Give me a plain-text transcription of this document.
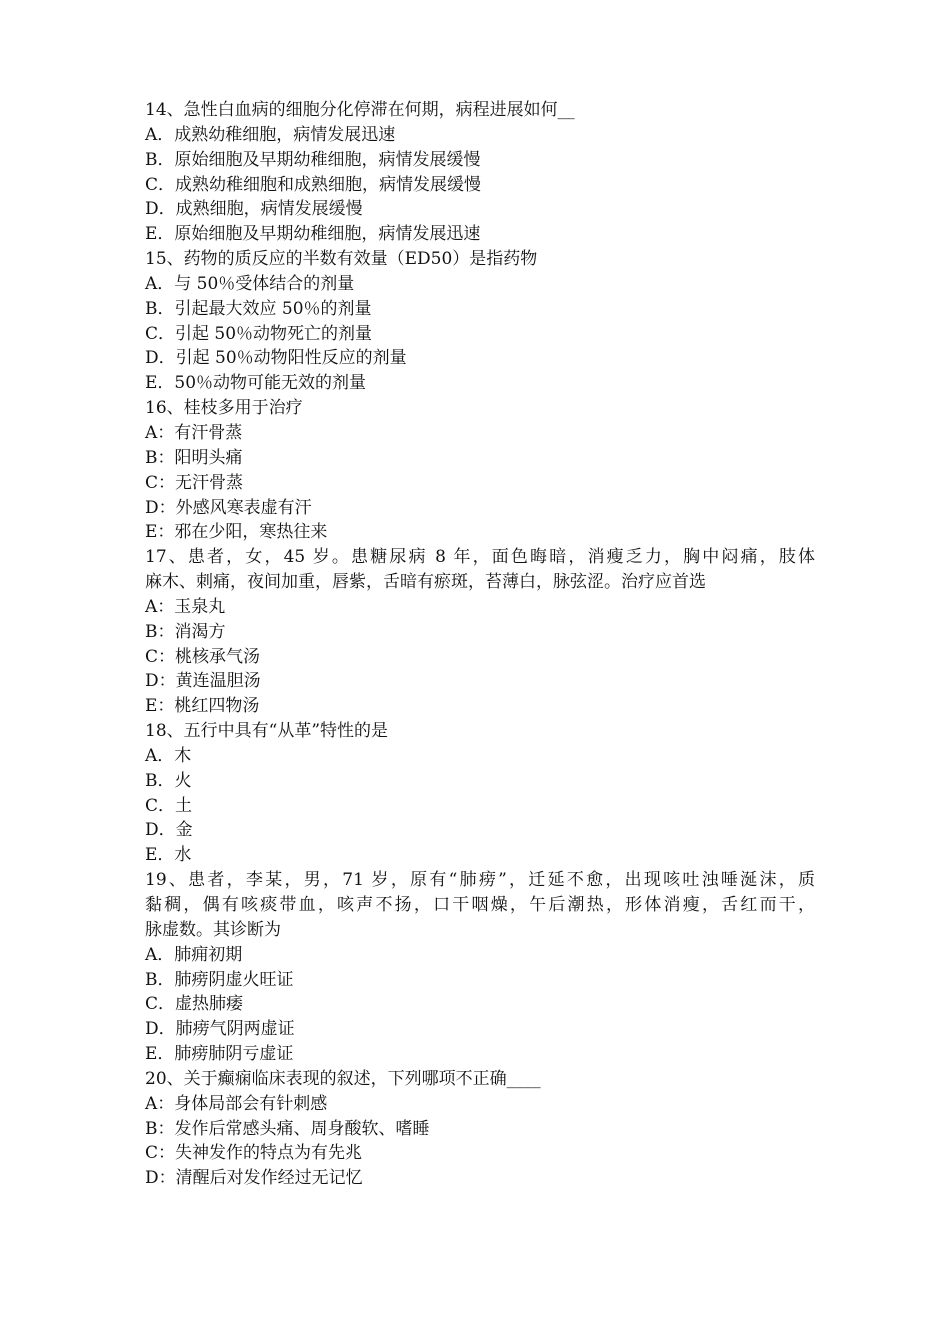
14、急性白血病的细胞分化停滞在何期，病程进展如何__
A．成熟幼稚细胞，病情发展迅速
B．原始细胞及早期幼稚细胞，病情发展缓慢
C．成熟幼稚细胞和成熟细胞，病情发展缓慢
D．成熟细胞，病情发展缓慢
E．原始细胞及早期幼稚细胞，病情发展迅速
15、药物的质反应的半数有效量（ED50）是指药物
A．与 50％受体结合的剂量
B．引起最大效应 50％的剂量
C．引起 50％动物死亡的剂量
D．引起 50％动物阳性反应的剂量
E．50％动物可能无效的剂量
16、桂枝多用于治疗
A：有汗骨蒸
B：阳明头痛
C：无汗骨蒸
D：外感风寒表虚有汗
E：邪在少阳，寒热往来
17、患者，女，45 岁。患糖尿病 8 年，面色晦暗，消瘦乏力，胸中闷痛，肢体
麻木、刺痛，夜间加重，唇紫，舌暗有瘀斑，苔薄白，脉弦涩。治疗应首选
A：玉泉丸
B：消渴方
C：桃核承气汤
D：黄连温胆汤
E：桃红四物汤
18、五行中具有“从革”特性的是
A．木
B．火
C．土
D．金
E．水
19、患者，李某，男，71 岁，原有“肺痨”，迁延不愈，出现咳吐浊唾涎沫，质
黏稠，偶有咳痰带血，咳声不扬，口干咽燥，午后潮热，形体消瘦，舌红而干，
脉虚数。其诊断为
A．肺痈初期
B．肺痨阴虚火旺证
C．虚热肺痿
D．肺痨气阴两虚证
E．肺痨肺阴亏虚证
20、关于癫痫临床表现的叙述，下列哪项不正确____
A：身体局部会有针刺感
B：发作后常感头痛、周身酸软、嗜睡
C：失神发作的特点为有先兆
D：清醒后对发作经过无记忆
